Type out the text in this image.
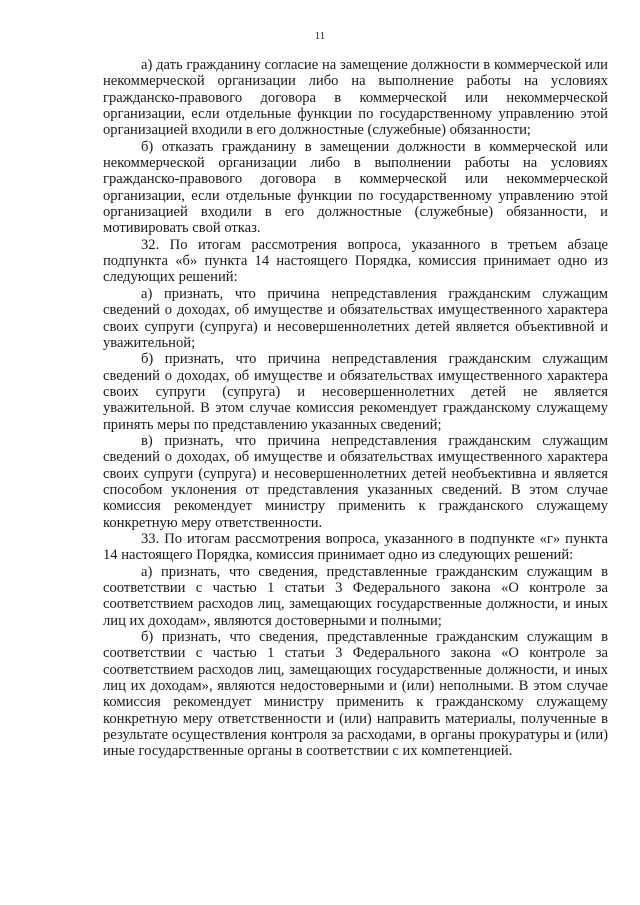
11

а) дать гражданину согласие на замещение должности в коммерческой или некоммерческой организации либо на выполнение работы на условиях гражданско-правового договора в коммерческой или некоммерческой организации, если отдельные функции по государственному управлению этой организацией входили в его должностные (служебные) обязанности;

б) отказать гражданину в замещении должности в коммерческой или некоммерческой организации либо в выполнении работы на условиях гражданско-правового договора в коммерческой или некоммерческой организации, если отдельные функции по государственному управлению этой организацией входили в его должностные (служебные) обязанности, и мотивировать свой отказ.

32. По итогам рассмотрения вопроса, указанного в третьем абзаце подпункта «б» пункта 14 настоящего Порядка, комиссия принимает одно из следующих решений:

а) признать, что причина непредставления гражданским служащим сведений о доходах, об имуществе и обязательствах имущественного характера своих супруги (супруга) и несовершеннолетних детей является объективной и уважительной;

б) признать, что причина непредставления гражданским служащим сведений о доходах, об имуществе и обязательствах имущественного характера своих супруги (супруга) и несовершеннолетних детей не является уважительной. В этом случае комиссия рекомендует гражданскому служащему принять меры по представлению указанных сведений;

в) признать, что причина непредставления гражданским служащим сведений о доходах, об имуществе и обязательствах имущественного характера своих супруги (супруга) и несовершеннолетних детей необъективна и является способом уклонения от представления указанных сведений. В этом случае комиссия рекомендует министру применить к гражданского служащему конкретную меру ответственности.

33. По итогам рассмотрения вопроса, указанного в подпункте «г» пункта 14 настоящего Порядка, комиссия принимает одно из следующих решений:

а) признать, что сведения, представленные гражданским служащим в соответствии с частью 1 статьи 3 Федерального закона «О контроле за соответствием расходов лиц, замещающих государственные должности, и иных лиц их доходам», являются достоверными и полными;

б) признать, что сведения, представленные гражданским служащим в соответствии с частью 1 статьи 3 Федерального закона «О контроле за соответствием расходов лиц, замещающих государственные должности, и иных лиц их доходам», являются недостоверными и (или) неполными. В этом случае комиссия рекомендует министру применить к гражданскому служащему конкретную меру ответственности и (или) направить материалы, полученные в результате осуществления контроля за расходами, в органы прокуратуры и (или) иные государственные органы в соответствии с их компетенцией.
